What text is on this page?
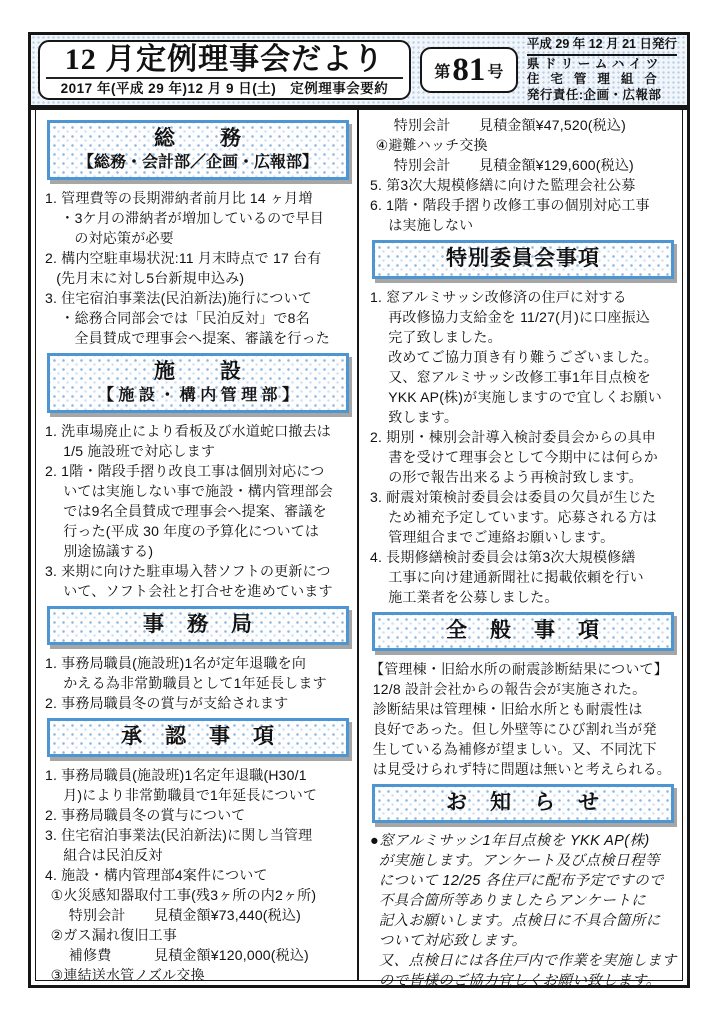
12 月定例理事会だより
2017 年(平成 29 年)12 月 9 日(土)　定例理事会要約
第 81 号
平成 29 年 12 月 21 日発行
県ドリームハイツ
住宅管理組合
発行責任:企画・広報部
総　　務
【総務・会計部／企画・広報部】
1. 管理費等の長期滞納者前月比 14 ヶ月増
・3ケ月の滞納者が増加しているので早目
の対応策が必要
2. 構内空駐車場状況:11 月末時点で 17 台有
(先月末に対し5台新規申込み)
3. 住宅宿泊事業法(民泊新法)施行について
・総務合同部会では「民泊反対」で8名
全員賛成で理事会へ提案、審議を行った
施　　設
【 施 設 ・ 構 内 管 理 部 】
1. 洗車場廃止により看板及び水道蛇口撤去は
1/5 施設班で対応します
2. 1階・階段手摺り改良工事は個別対応につ
いては実施しない事で施設・構内管理部会
では9名全員賛成で理事会へ提案、審議を
行った(平成 30 年度の予算化については
別途協議する)
3. 来期に向けた駐車場入替ソフトの更新につ
いて、ソフト会社と打合せを進めています
事　務　局
1. 事務局職員(施設班)1名が定年退職を向
かえる為非常勤職員として1年延長します
2. 事務局職員冬の賞与が支給されます
承　認　事　項
1. 事務局職員(施設班)1名定年退職(H30/1
月)により非常勤職員で1年延長について
2. 事務局職員冬の賞与について
3. 住宅宿泊事業法(民泊新法)に関し当管理
組合は民泊反対
4. 施設・構内管理部4案件について
①火災感知器取付工事(残3ヶ所の内2ヶ所)
特別会計　　見積金額¥73,440(税込)
②ガス漏れ復旧工事
補修費　　　見積金額¥120,000(税込)
③連結送水管ノズル交換
特別会計　　見積金額¥47,520(税込)
④避難ハッチ交換
特別会計　　見積金額¥129,600(税込)
5. 第3次大規模修繕に向けた監理会社公募
6. 1階・階段手摺り改修工事の個別対応工事
は実施しない
特別委員会事項
1. 窓アルミサッシ改修済の住戸に対する
再改修協力支給金を 11/27(月)に口座振込
完了致しました。
改めてご協力頂き有り難うございました。
又、窓アルミサッシ改修工事1年目点検を
YKK AP(株)が実施しますので宜しくお願い
致します。
2. 期別・棟別会計導入検討委員会からの具申
書を受けて理事会として今期中には何らか
の形で報告出来るよう再検討致します。
3. 耐震対策検討委員会は委員の欠員が生じた
ため補充予定しています。応募される方は
管理組合までご連絡お願いします。
4. 長期修繕検討委員会は第3次大規模修繕
工事に向け建通新聞社に掲載依頼を行い
施工業者を公募しました。
全　般　事　項
【管理棟・旧給水所の耐震診断結果について】
12/8 設計会社からの報告会が実施された。
診断結果は管理棟・旧給水所とも耐震性は
良好であった。但し外壁等にひび割れ当が発
生している為補修が望ましい。又、不同沈下
は見受けられず特に問題は無いと考えられる。
お　知　ら　せ
●窓アルミサッシ1年目点検を YKK AP(株)
が実施します。アンケート及び点検日程等
について 12/25 各住戸に配布予定ですので
不具合箇所等ありましたらアンケートに
記入お願いします。点検日に不具合箇所に
ついて対応致します。
又、点検日には各住戸内で作業を実施します
ので皆様のご協力宜しくお願い致します。
